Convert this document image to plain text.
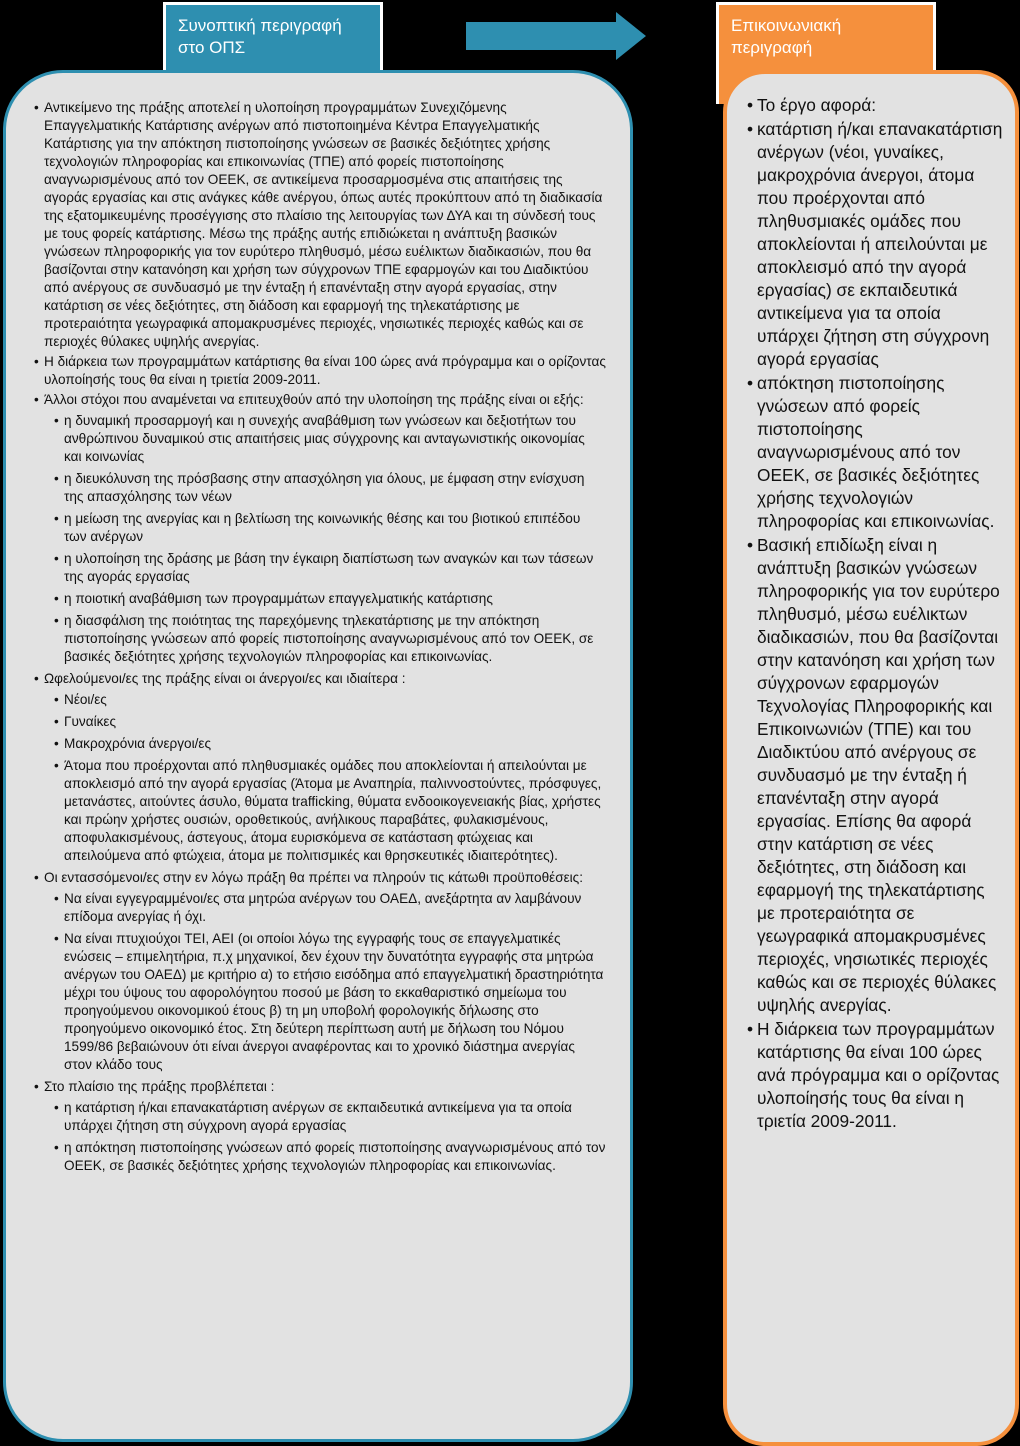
Συνοπτική περιγραφή στο ΟΠΣ
Επικοινωνιακή περιγραφή
• Αντικείμενο της πράξης αποτελεί η υλοποίηση προγραμμάτων Συνεχιζόμενης Επαγγελματικής Κατάρτισης ανέργων από πιστοποιημένα Κέντρα Επαγγελματικής Κατάρτισης για την απόκτηση πιστοποίησης γνώσεων σε βασικές δεξιότητες χρήσης τεχνολογιών πληροφορίας και επικοινωνίας (ΤΠΕ) από φορείς πιστοποίησης αναγνωρισμένους από τον ΟΕΕΚ, σε αντικείμενα προσαρμοσμένα στις απαιτήσεις της αγοράς εργασίας και στις ανάγκες κάθε ανέργου, όπως αυτές προκύπτουν από τη διαδικασία της εξατομικευμένης προσέγγισης στο πλαίσιο της λειτουργίας των ΔΥΑ και τη σύνδεσή τους με τους φορείς κατάρτισης. Μέσω της πράξης αυτής επιδιώκεται η ανάπτυξη βασικών γνώσεων πληροφορικής για τον ευρύτερο πληθυσμό, μέσω ευέλικτων διαδικασιών, που θα βασίζονται στην κατανόηση και χρήση των σύγχρονων ΤΠΕ εφαρμογών και του Διαδικτύου από ανέργους σε συνδυασμό με την ένταξη ή επανένταξη στην αγορά εργασίας, στην κατάρτιση σε νέες δεξιότητες, στη διάδοση και εφαρμογή της τηλεκατάρτισης με προτεραιότητα γεωγραφικά απομακρυσμένες περιοχές, νησιωτικές περιοχές καθώς και σε περιοχές θύλακες υψηλής ανεργίας.
• Η διάρκεια των προγραμμάτων κατάρτισης θα είναι 100 ώρες ανά πρόγραμμα και ο ορίζοντας υλοποίησής τους θα είναι η τριετία 2009-2011.
• Άλλοι στόχοι που αναμένεται να επιτευχθούν από την υλοποίηση της πράξης είναι οι εξής:
• η δυναμική προσαρμογή και η συνεχής αναβάθμιση των γνώσεων και δεξιοτήτων του ανθρώπινου δυναμικού στις απαιτήσεις μιας σύγχρονης και ανταγωνιστικής οικονομίας και κοινωνίας
• η διευκόλυνση της πρόσβασης στην απασχόληση για όλους, με έμφαση στην ενίσχυση της απασχόλησης των νέων
• η μείωση της ανεργίας και η βελτίωση της κοινωνικής θέσης και του βιοτικού επιπέδου των ανέργων
• η υλοποίηση της δράσης με βάση την έγκαιρη διαπίστωση των αναγκών και των τάσεων της αγοράς εργασίας
• η ποιοτική αναβάθμιση των προγραμμάτων επαγγελματικής κατάρτισης
• η διασφάλιση της ποιότητας της παρεχόμενης τηλεκατάρτισης με την απόκτηση πιστοποίησης γνώσεων από φορείς πιστοποίησης αναγνωρισμένους από τον ΟΕΕΚ, σε βασικές δεξιότητες χρήσης τεχνολογιών πληροφορίας και επικοινωνίας.
• Ωφελούμενοι/ες της πράξης είναι οι άνεργοι/ες και ιδιαίτερα :
• Νέοι/ες
• Γυναίκες
• Μακροχρόνια άνεργοι/ες
• Άτομα που προέρχονται από πληθυσμιακές ομάδες που αποκλείονται ή απειλούνται με αποκλεισμό από την αγορά εργασίας (Άτομα με Αναπηρία, παλιννοστούντες, πρόσφυγες, μετανάστες, αιτούντες άσυλο, θύματα trafficking, θύματα ενδοοικογενειακής βίας, χρήστες και πρώην χρήστες ουσιών, οροθετικούς, ανήλικους παραβάτες, φυλακισμένους, αποφυλακισμένους, άστεγους, άτομα ευρισκόμενα σε κατάσταση φτώχειας και απειλούμενα από φτώχεια, άτομα με πολιτισμικές και θρησκευτικές ιδιαιτερότητες).
• Οι εντασσόμενοι/ες στην εν λόγω πράξη θα πρέπει να πληρούν τις κάτωθι προϋποθέσεις:
• Να είναι εγγεγραμμένοι/ες στα μητρώα ανέργων του ΟΑΕΔ, ανεξάρτητα αν λαμβάνουν επίδομα ανεργίας ή όχι.
• Να είναι πτυχιούχοι ΤΕΙ, ΑΕΙ (οι οποίοι λόγω της εγγραφής τους σε επαγγελματικές ενώσεις – επιμελητήρια, π.χ μηχανικοί, δεν έχουν την δυνατότητα εγγραφής στα μητρώα ανέργων του ΟΑΕΔ) με κριτήριο α) το ετήσιο εισόδημα από επαγγελματική δραστηριότητα μέχρι του ύψους του αφορολόγητου ποσού με βάση το εκκαθαριστικό σημείωμα του προηγούμενου οικονομικού έτους β) τη μη υποβολή φορολογικής δήλωσης στο προηγούμενο οικονομικό έτος. Στη δεύτερη περίπτωση αυτή με δήλωση του Νόμου 1599/86 βεβαιώνουν ότι είναι άνεργοι αναφέροντας και το χρονικό διάστημα ανεργίας στον κλάδο τους
• Στο πλαίσιο της πράξης προβλέπεται :
• η κατάρτιση ή/και επανακατάρτιση ανέργων σε εκπαιδευτικά αντικείμενα για τα οποία υπάρχει ζήτηση στη σύγχρονη αγορά εργασίας
• η απόκτηση πιστοποίησης γνώσεων από φορείς πιστοποίησης αναγνωρισμένους από τον ΟΕΕΚ, σε βασικές δεξιότητες χρήσης τεχνολογιών πληροφορίας και επικοινωνίας.
• Το έργο αφορά:
• κατάρτιση ή/και επανακατάρτιση ανέργων (νέοι, γυναίκες, μακροχρόνια άνεργοι, άτομα που προέρχονται από πληθυσμιακές ομάδες που αποκλείονται ή απειλούνται με αποκλεισμό από την αγορά εργασίας) σε εκπαιδευτικά αντικείμενα για τα οποία υπάρχει ζήτηση στη σύγχρονη αγορά εργασίας
• απόκτηση πιστοποίησης γνώσεων από φορείς πιστοποίησης αναγνωρισμένους από τον ΟΕΕΚ, σε βασικές δεξιότητες χρήσης τεχνολογιών πληροφορίας και επικοινωνίας.
• Βασική επιδίωξη είναι η ανάπτυξη βασικών γνώσεων πληροφορικής για τον ευρύτερο πληθυσμό, μέσω ευέλικτων διαδικασιών, που θα βασίζονται στην κατανόηση και χρήση των σύγχρονων εφαρμογών Τεχνολογίας Πληροφορικής και Επικοινωνιών (ΤΠΕ) και του Διαδικτύου από ανέργους σε συνδυασμό με την ένταξη ή επανένταξη στην αγορά εργασίας. Επίσης θα αφορά στην κατάρτιση σε νέες δεξιότητες, στη διάδοση και εφαρμογή της τηλεκατάρτισης με προτεραιότητα σε γεωγραφικά απομακρυσμένες περιοχές, νησιωτικές περιοχές καθώς και σε περιοχές θύλακες υψηλής ανεργίας.
• Η διάρκεια των προγραμμάτων κατάρτισης θα είναι 100 ώρες ανά πρόγραμμα και ο ορίζοντας υλοποίησής τους θα είναι η τριετία 2009-2011.
